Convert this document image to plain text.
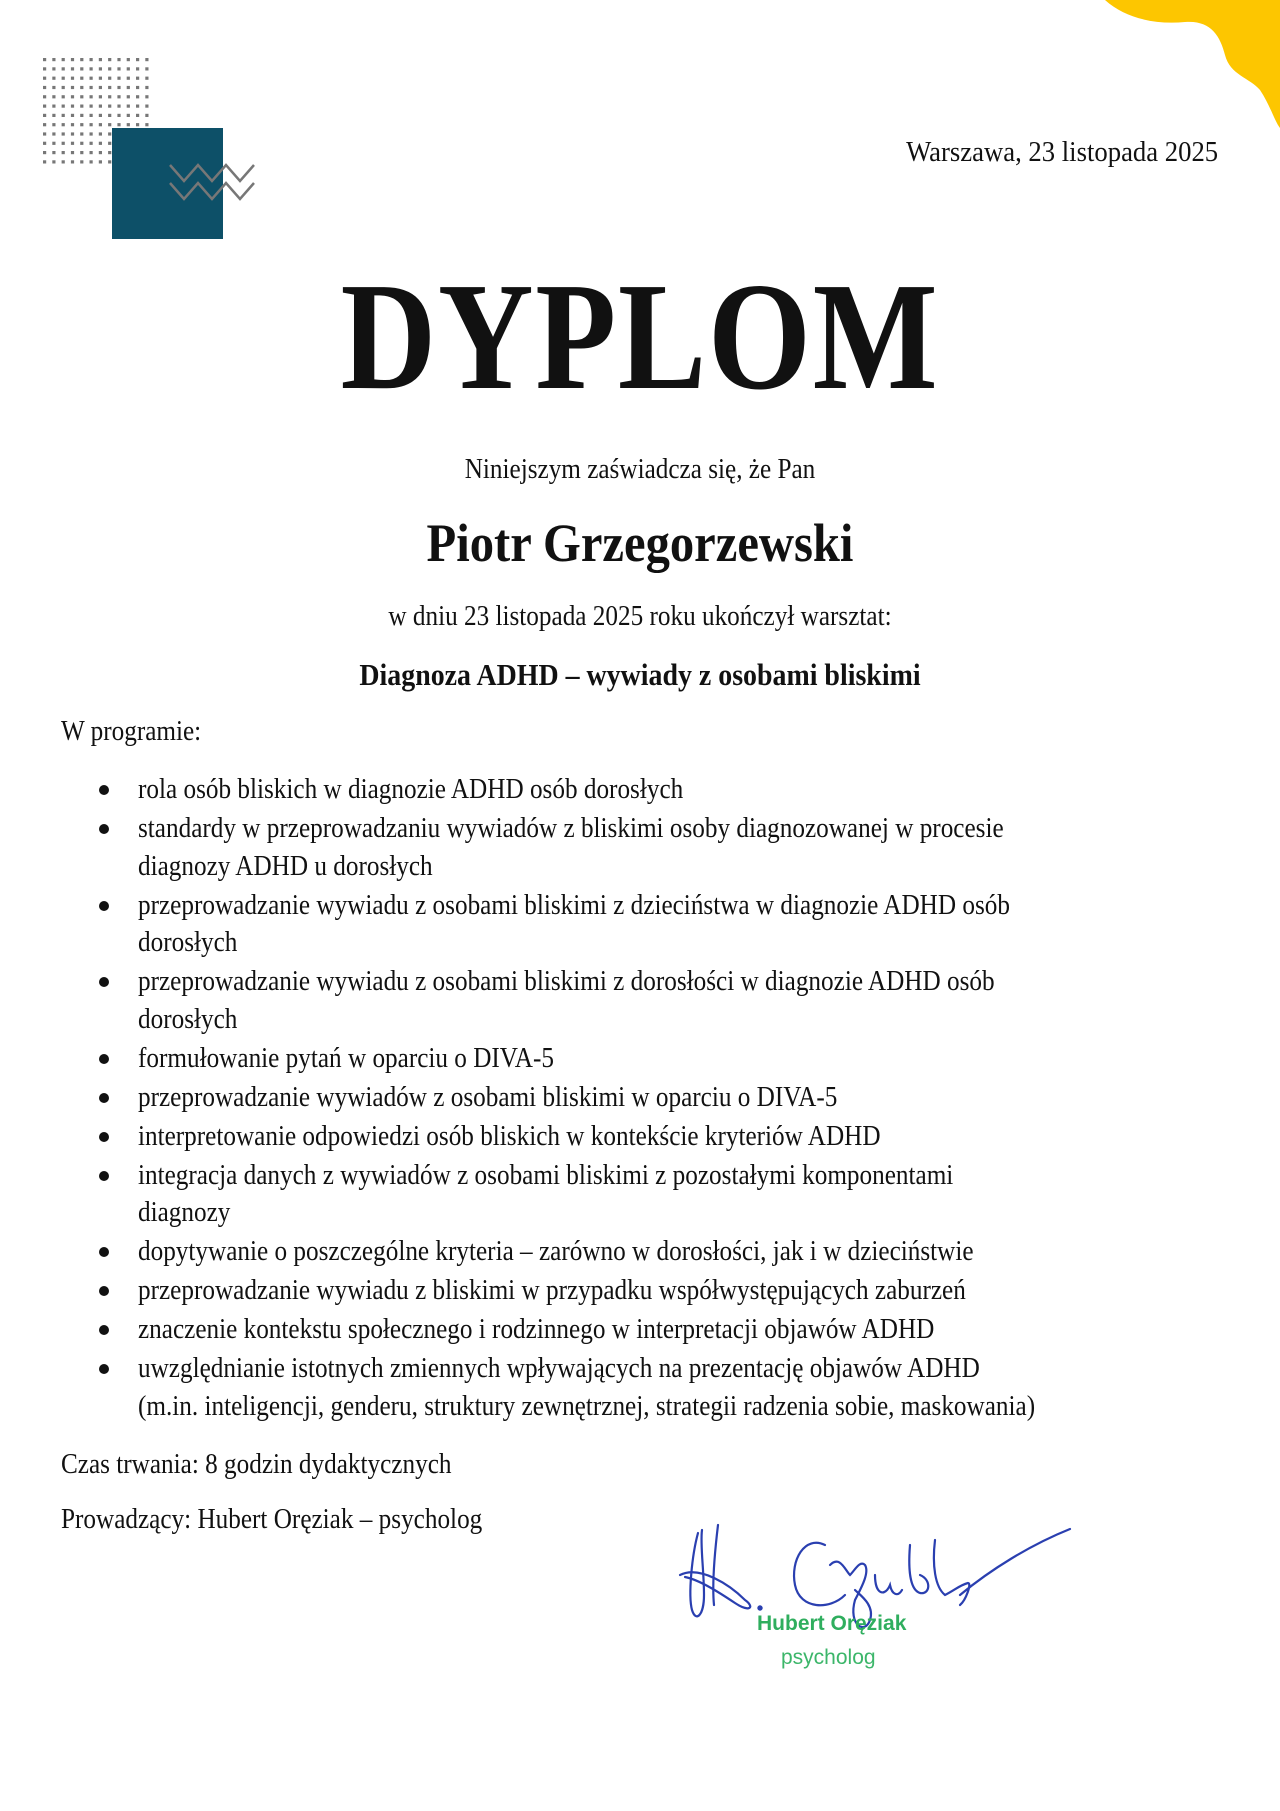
Warszawa, 23 listopada 2025
DYPLOM
Niniejszym zaświadcza się, że Pan
Piotr Grzegorzewski
w dniu 23 listopada 2025 roku ukończył warsztat:
Diagnoza ADHD – wywiady z osobami bliskimi
W programie:
rola osób bliskich w diagnozie ADHD osób dorosłych
standardy w przeprowadzaniu wywiadów z bliskimi osoby diagnozowanej w procesie
diagnozy ADHD u dorosłych
przeprowadzanie wywiadu z osobami bliskimi z dzieciństwa w diagnozie ADHD osób
dorosłych
przeprowadzanie wywiadu z osobami bliskimi z dorosłości w diagnozie ADHD osób
dorosłych
formułowanie pytań w oparciu o DIVA-5
przeprowadzanie wywiadów z osobami bliskimi w oparciu o DIVA-5
interpretowanie odpowiedzi osób bliskich w kontekście kryteriów ADHD
integracja danych z wywiadów z osobami bliskimi z pozostałymi komponentami
diagnozy
dopytywanie o poszczególne kryteria – zarówno w dorosłości, jak i w dzieciństwie
przeprowadzanie wywiadu z bliskimi w przypadku współwystępujących zaburzeń
znaczenie kontekstu społecznego i rodzinnego w interpretacji objawów ADHD
uwzględnianie istotnych zmiennych wpływających na prezentację objawów ADHD
(m.in. inteligencji, genderu, struktury zewnętrznej, strategii radzenia sobie, maskowania)
Czas trwania: 8 godzin dydaktycznych
Prowadzący: Hubert Oręziak – psycholog
Hubert Oręziak
psycholog
